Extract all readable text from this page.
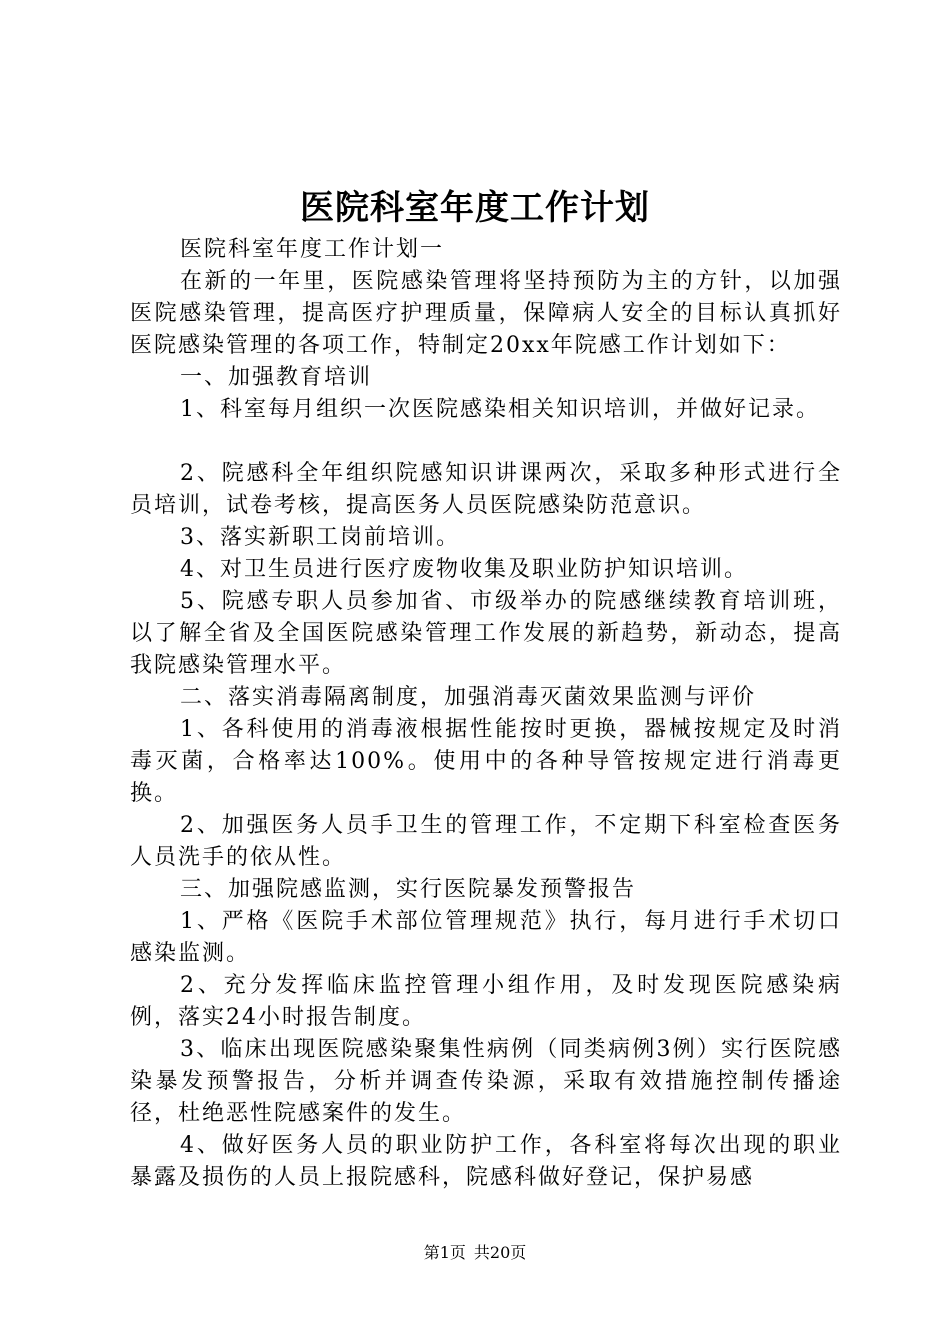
医院科室年度工作计划

医院科室年度工作计划一

在新的一年里，医院感染管理将坚持预防为主的方针，以加强医院感染管理，提高医疗护理质量，保障病人安全的目标认真抓好医院感染管理的各项工作，特制定20xx年院感工作计划如下：

一、加强教育培训

1、科室每月组织一次医院感染相关知识培训，并做好记录。

2、院感科全年组织院感知识讲课两次，采取多种形式进行全员培训，试卷考核，提高医务人员医院感染防范意识。

3、落实新职工岗前培训。

4、对卫生员进行医疗废物收集及职业防护知识培训。

5、院感专职人员参加省、市级举办的院感继续教育培训班，以了解全省及全国医院感染管理工作发展的新趋势，新动态，提高我院感染管理水平。

二、落实消毒隔离制度，加强消毒灭菌效果监测与评价

1、各科使用的消毒液根据性能按时更换，器械按规定及时消毒灭菌，合格率达100%。使用中的各种导管按规定进行消毒更换。

2、加强医务人员手卫生的管理工作，不定期下科室检查医务人员洗手的依从性。

三、加强院感监测，实行医院暴发预警报告

1、严格《医院手术部位管理规范》执行，每月进行手术切口感染监测。

2、充分发挥临床监控管理小组作用，及时发现医院感染病例，落实24小时报告制度。

3、临床出现医院感染聚集性病例（同类病例3例）实行医院感染暴发预警报告，分析并调查传染源，采取有效措施控制传播途径，杜绝恶性院感案件的发生。

4、做好医务人员的职业防护工作，各科室将每次出现的职业暴露及损伤的人员上报院感科，院感科做好登记，保护易感

第1页 共20页
